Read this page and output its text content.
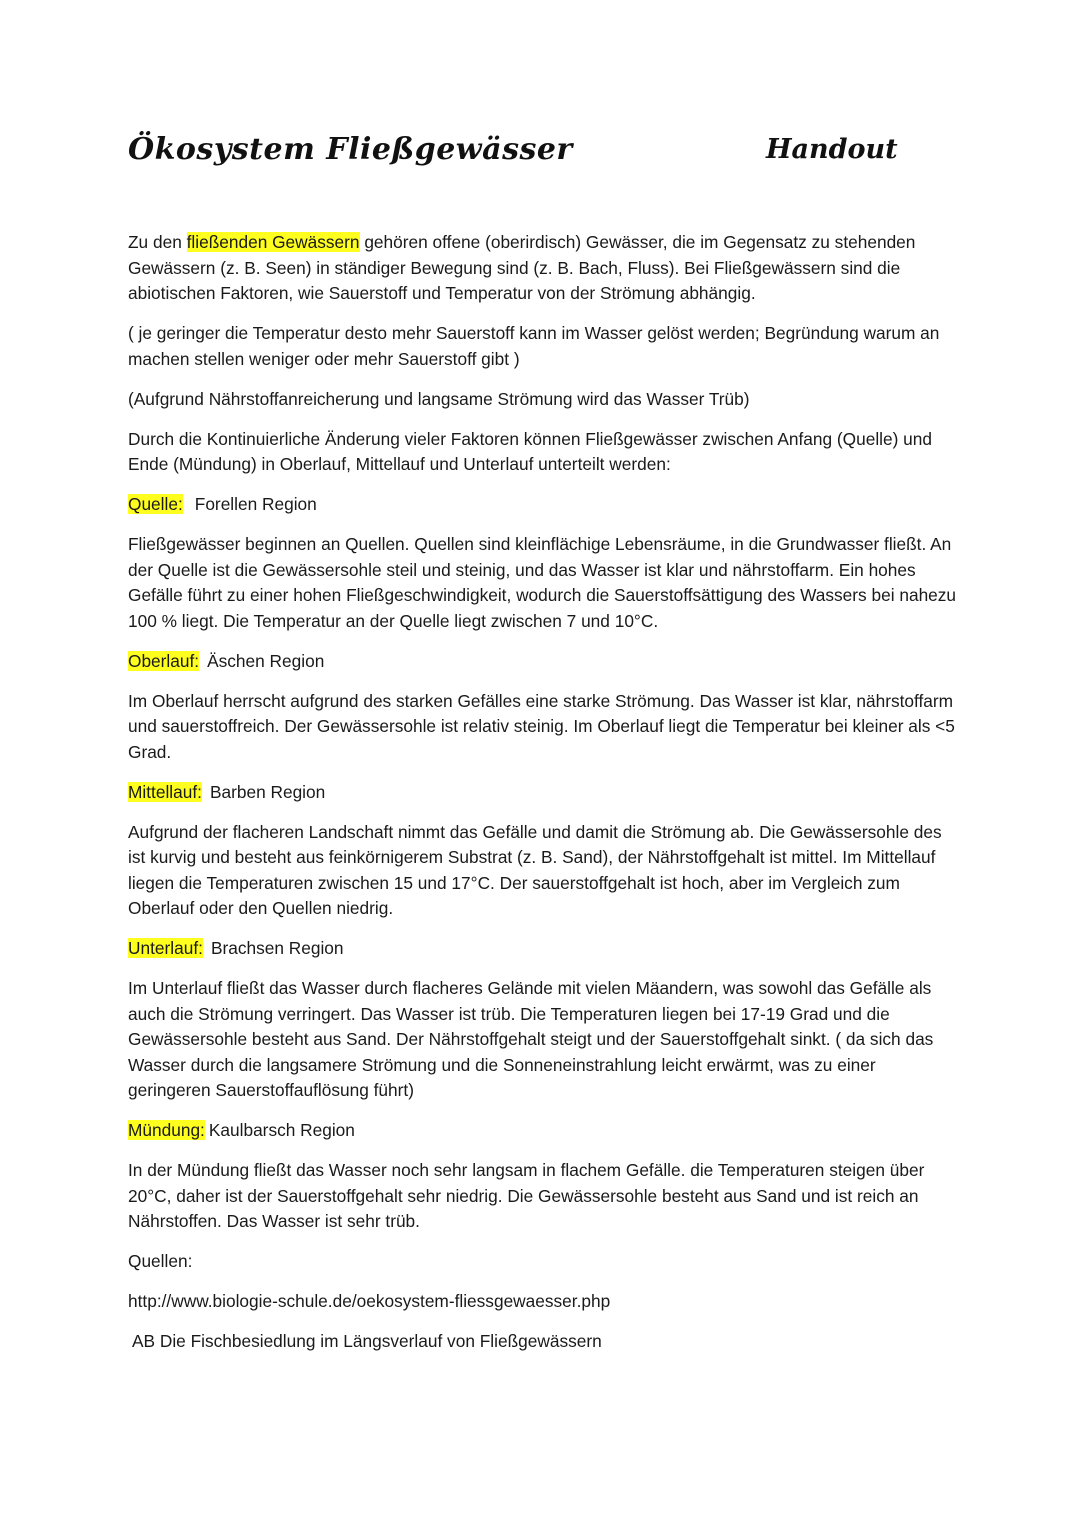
Ökosystem Fließgewässer	Handout

Zu den fließenden Gewässern gehören offene (oberirdisch) Gewässer, die im Gegensatz zu stehenden Gewässern (z. B. Seen) in ständiger Bewegung sind (z. B. Bach, Fluss). Bei Fließgewässern sind die abiotischen Faktoren, wie Sauerstoff und Temperatur von der Strömung abhängig.

( je geringer die Temperatur desto mehr Sauerstoff kann im Wasser gelöst werden; Begründung warum an machen stellen weniger oder mehr Sauerstoff gibt )

(Aufgrund Nährstoffanreicherung und langsame Strömung wird das Wasser Trüb)

Durch die Kontinuierliche Änderung vieler Faktoren können Fließgewässer zwischen Anfang (Quelle) und Ende (Mündung) in Oberlauf, Mittellauf und Unterlauf unterteilt werden:

Quelle: Forellen Region

Fließgewässer beginnen an Quellen. Quellen sind kleinflächige Lebensräume, in die Grundwasser fließt. An der Quelle ist die Gewässersohle steil und steinig, und das Wasser ist klar und nährstoffarm. Ein hohes Gefälle führt zu einer hohen Fließgeschwindigkeit, wodurch die Sauerstoffsättigung des Wassers bei nahezu 100 % liegt. Die Temperatur an der Quelle liegt zwischen 7 und 10°C.

Oberlauf: Äschen Region

Im Oberlauf herrscht aufgrund des starken Gefälles eine starke Strömung. Das Wasser ist klar, nährstoffarm und sauerstoffreich. Der Gewässersohle ist relativ steinig. Im Oberlauf liegt die Temperatur bei kleiner als <5 Grad.

Mittellauf: Barben Region

Aufgrund der flacheren Landschaft nimmt das Gefälle und damit die Strömung ab. Die Gewässersohle des ist kurvig und besteht aus feinkörnigerem Substrat (z. B. Sand), der Nährstoffgehalt ist mittel. Im Mittellauf liegen die Temperaturen zwischen 15 und 17°C. Der sauerstoffgehalt ist hoch, aber im Vergleich zum Oberlauf oder den Quellen niedrig.

Unterlauf: Brachsen Region

Im Unterlauf fließt das Wasser durch flacheres Gelände mit vielen Mäandern, was sowohl das Gefälle als auch die Strömung verringert. Das Wasser ist trüb. Die Temperaturen liegen bei 17-19 Grad und die Gewässersohle besteht aus Sand. Der Nährstoffgehalt steigt und der Sauerstoffgehalt sinkt. ( da sich das Wasser durch die langsamere Strömung und die Sonneneinstrahlung leicht erwärmt, was zu einer geringeren Sauerstoffauflösung führt)

Mündung: Kaulbarsch Region

In der Mündung fließt das Wasser noch sehr langsam in flachem Gefälle. die Temperaturen steigen über 20°C, daher ist der Sauerstoffgehalt sehr niedrig. Die Gewässersohle besteht aus Sand und ist reich an Nährstoffen. Das Wasser ist sehr trüb.

Quellen:

http://www.biologie-schule.de/oekosystem-fliessgewaesser.php

AB Die Fischbesiedlung im Längsverlauf von Fließgewässern
